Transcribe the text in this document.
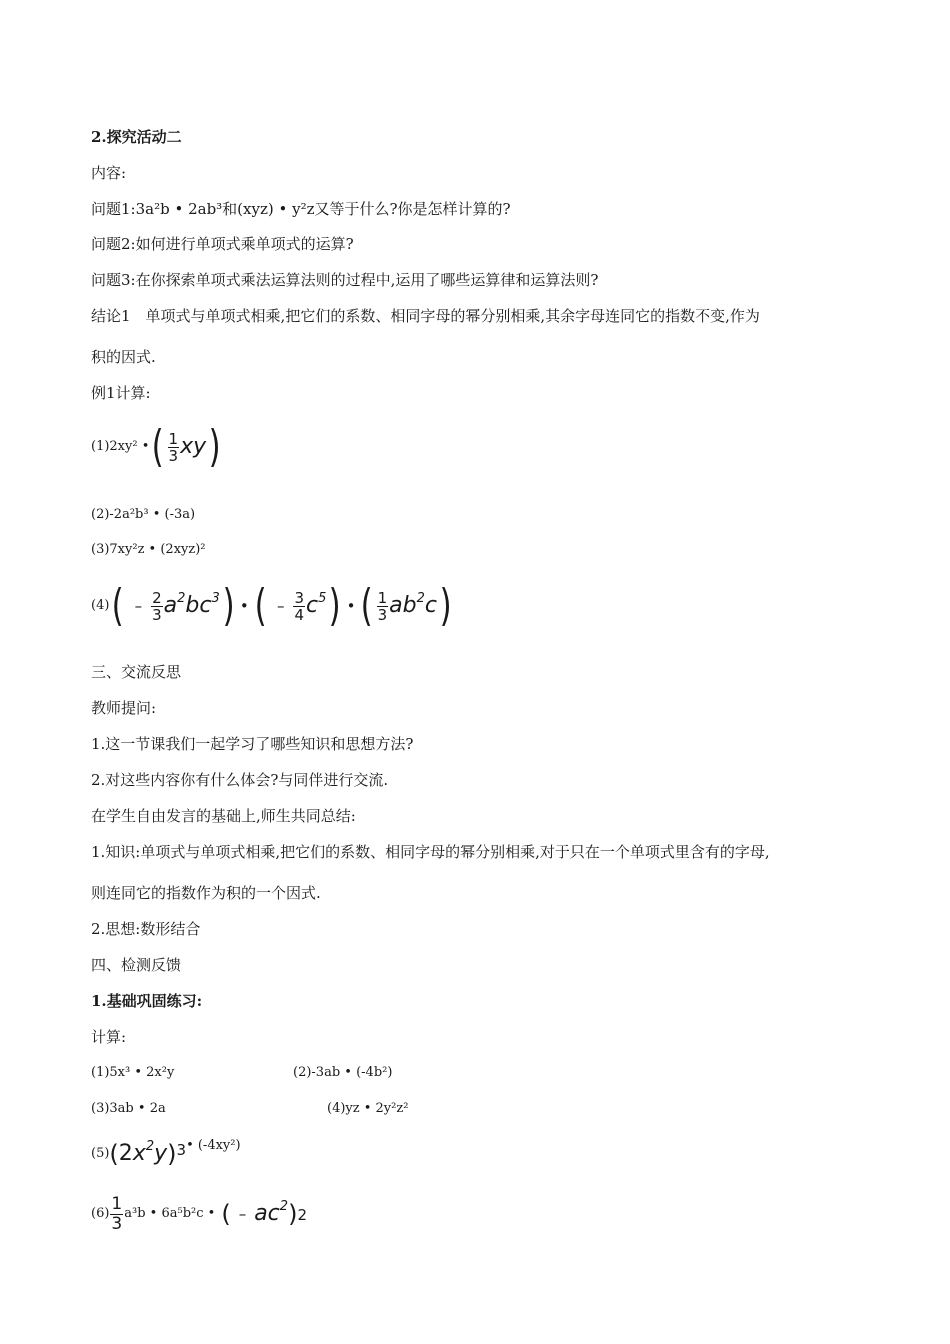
2.探究活动二
内容:
问题1:3a²b • 2ab³和(xyz) • y²z又等于什么?你是怎样计算的?
问题2:如何进行单项式乘单项式的运算?
问题3:在你探索单项式乘法运算法则的过程中,运用了哪些运算律和运算法则?
结论1　单项式与单项式相乘,把它们的系数、相同字母的幂分别相乘,其余字母连同它的指数不变,作为
积的因式.
例1计算:
(1)2xy² • ( $\frac{1}{3}$ xy )
(2)-2a²b³ • (-3a)
(3)7xy²z • (2xyz)²
(4) ( – $\frac{2}{3} a^2bc^3$ ) • ( – $\frac{3}{4} c^5$ ) • ( $\frac{1}{3} ab^2c$ )
三、交流反思
教师提问:
1.这一节课我们一起学习了哪些知识和思想方法?
2.对这些内容你有什么体会?与同伴进行交流.
在学生自由发言的基础上,师生共同总结:
1.知识:单项式与单项式相乘,把它们的系数、相同字母的幂分别相乘,对于只在一个单项式里含有的字母,
则连同它的指数作为积的一个因式.
2.思想:数形结合
四、检测反馈
1.基础巩固练习:
计算:
(1)5x³ • 2x²y	(2)-3ab • (-4b²)
(3)3ab • 2a	(4)yz • 2y²z²
(5) ( 2 $x^2y$ ) 3 • (-4xy²)
$(6) \frac{1}{3} a^3b$ • 6a⁵b²c • ( – $ac^2$ ) 2
